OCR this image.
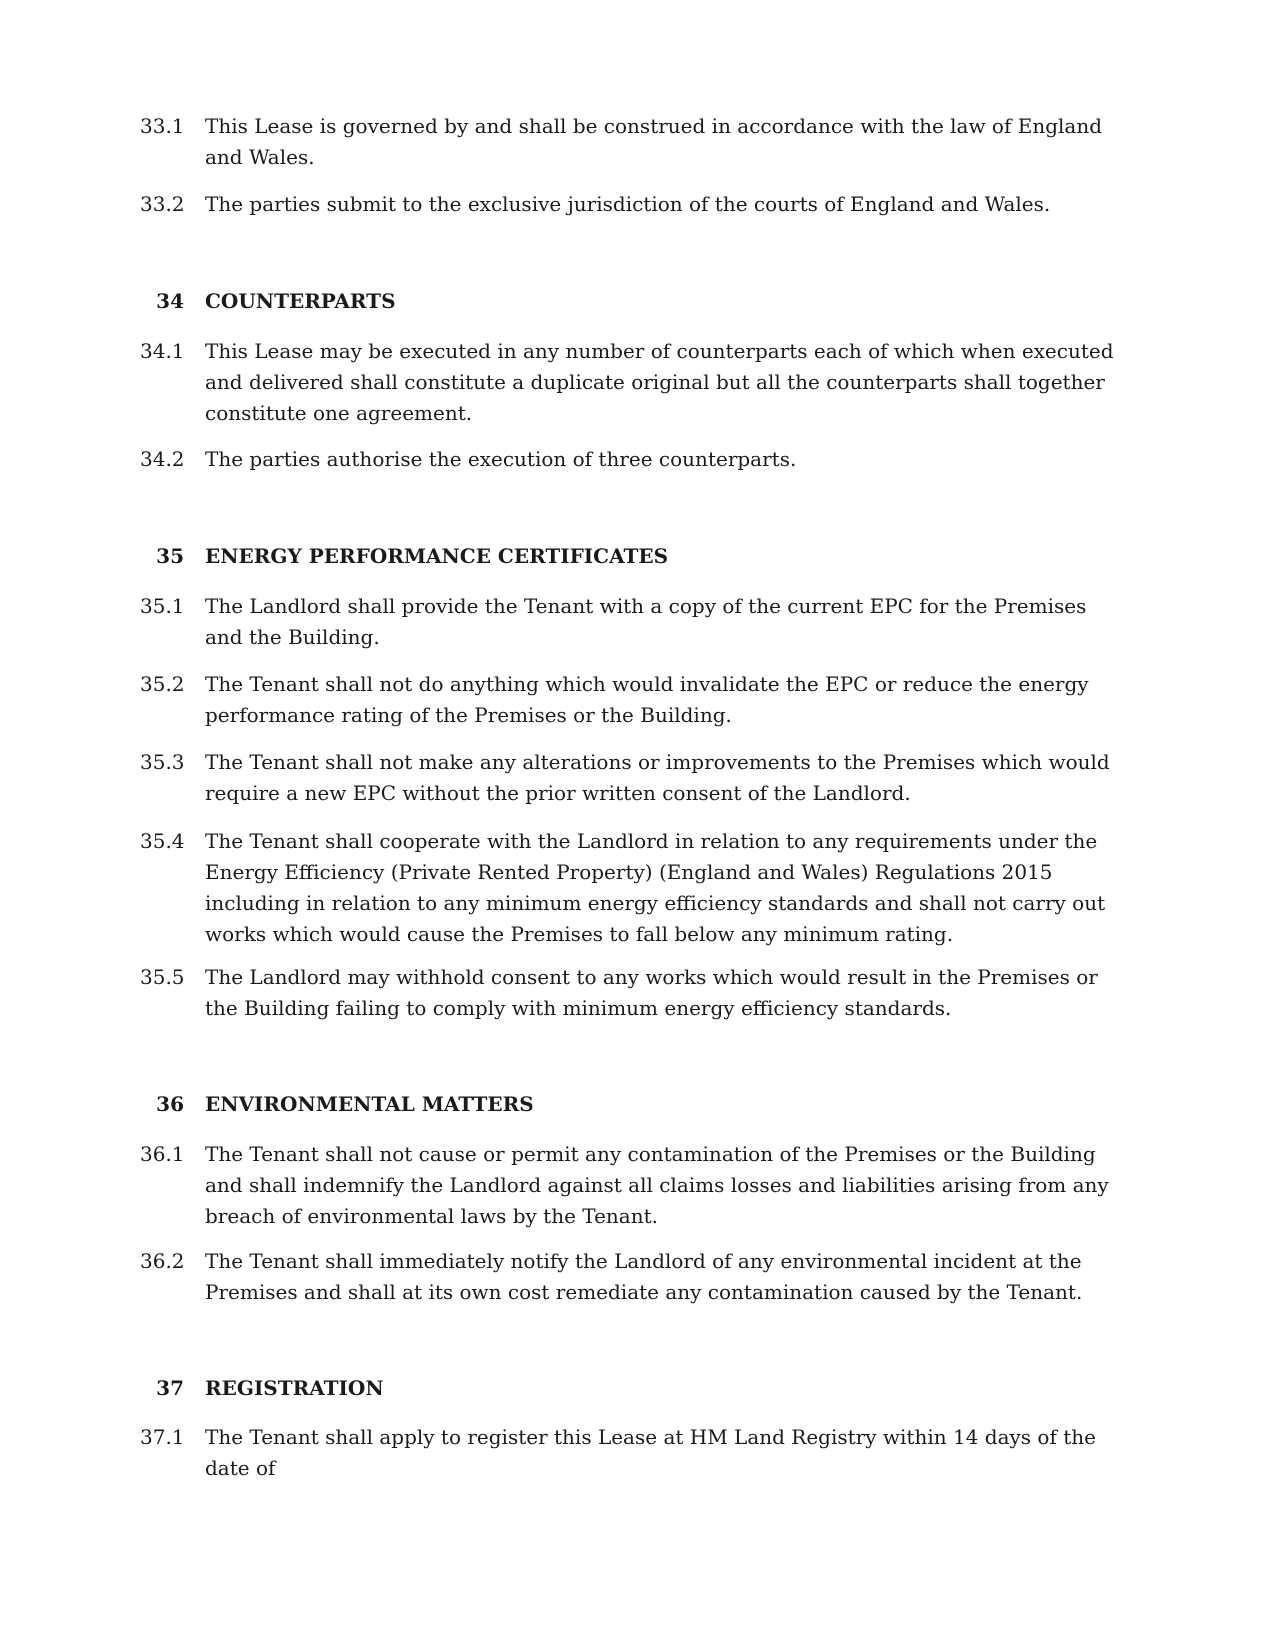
33.1	This Lease is governed by and shall be construed in accordance with the law of England and Wales.
33.2	The parties submit to the exclusive jurisdiction of the courts of England and Wales.
34 COUNTERPARTS
34.1	This Lease may be executed in any number of counterparts each of which when executed and delivered shall constitute a duplicate original but all the counterparts shall together constitute one agreement.
34.2	The parties authorise the execution of three counterparts.
35 ENERGY PERFORMANCE CERTIFICATES
35.1	The Landlord shall provide the Tenant with a copy of the current EPC for the Premises and the Building.
35.2	The Tenant shall not do anything which would invalidate the EPC or reduce the energy performance rating of the Premises or the Building.
35.3	The Tenant shall not make any alterations or improvements to the Premises which would require a new EPC without the prior written consent of the Landlord.
35.4	The Tenant shall cooperate with the Landlord in relation to any requirements under the Energy Efficiency (Private Rented Property) (England and Wales) Regulations 2015 including in relation to any minimum energy efficiency standards and shall not carry out works which would cause the Premises to fall below any minimum rating.
35.5	The Landlord may withhold consent to any works which would result in the Premises or the Building failing to comply with minimum energy efficiency standards.
36 ENVIRONMENTAL MATTERS
36.1	The Tenant shall not cause or permit any contamination of the Premises or the Building and shall indemnify the Landlord against all claims losses and liabilities arising from any breach of environmental laws by the Tenant.
36.2	The Tenant shall immediately notify the Landlord of any environmental incident at the Premises and shall at its own cost remediate any contamination caused by the Tenant.
37 REGISTRATION
37.1	The Tenant shall apply to register this Lease at HM Land Registry within 14 days of the date of
